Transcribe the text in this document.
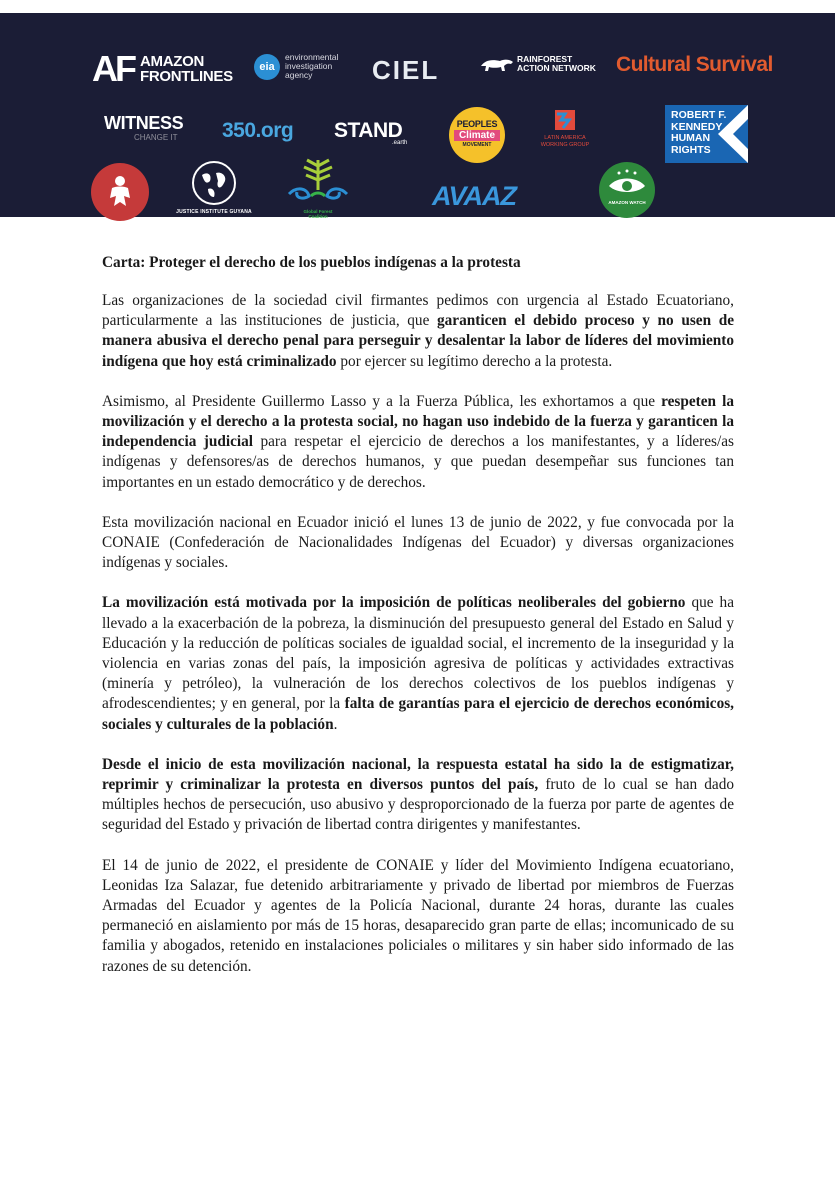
AF AMAZON
FRONTLINES
eia
environmental
investigation
agency	CIEL	RAINFOREST
ACTION NETWORK Cultural Survival
WITNESS
CHANGE IT 350.org STAND
.earth
PEOPLES
Climate
MOVEMENT
LATIN AMERICA
WORKING GROUP
ROBERT F.
KENNEDY
HUMAN
RIGHTS
JUSTICE INSTITUTE GUYANA	Global Forest
Coalition
AVAAZ	AMAZON WATCH

Carta: Proteger el derecho de los pueblos indígenas a la protesta

Las organizaciones de la sociedad civil firmantes pedimos con urgencia al Estado Ecuatoriano, particularmente a las instituciones de justicia, que garanticen el debido proceso y no usen de manera abusiva el derecho penal para perseguir y desalentar la labor de líderes del movimiento indígena que hoy está criminalizado por ejercer su legítimo derecho a la protesta.

Asimismo, al Presidente Guillermo Lasso y a la Fuerza Pública, les exhortamos a que respeten la movilización y el derecho a la protesta social, no hagan uso indebido de la fuerza y garanticen la independencia judicial para respetar el ejercicio de derechos a los manifestantes, y a líderes/as indígenas y defensores/as de derechos humanos, y que puedan desempeñar sus funciones tan importantes en un estado democrático y de derechos.

Esta movilización nacional en Ecuador inició el lunes 13 de junio de 2022, y fue convocada por la CONAIE (Confederación de Nacionalidades Indígenas del Ecuador) y diversas organizaciones indígenas y sociales.

La movilización está motivada por la imposición de políticas neoliberales del gobierno que ha llevado a la exacerbación de la pobreza, la disminución del presupuesto general del Estado en Salud y Educación y la reducción de políticas sociales de igualdad social, el incremento de la inseguridad y la violencia en varias zonas del país, la imposición agresiva de políticas y actividades extractivas (minería y petróleo), la vulneración de los derechos colectivos de los pueblos indígenas y afrodescendientes; y en general, por la falta de garantías para el ejercicio de derechos económicos, sociales y culturales de la población.

Desde el inicio de esta movilización nacional, la respuesta estatal ha sido la de estigmatizar, reprimir y criminalizar la protesta en diversos puntos del país, fruto de lo cual se han dado múltiples hechos de persecución, uso abusivo y desproporcionado de la fuerza por parte de agentes de seguridad del Estado y privación de libertad contra dirigentes y manifestantes.

El 14 de junio de 2022, el presidente de CONAIE y líder del Movimiento Indígena ecuatoriano, Leonidas Iza Salazar, fue detenido arbitrariamente y privado de libertad por miembros de Fuerzas Armadas del Ecuador y agentes de la Policía Nacional, durante 24 horas, durante las cuales permaneció en aislamiento por más de 15 horas, desaparecido gran parte de ellas; incomunicado de su familia y abogados, retenido en instalaciones policiales o militares y sin haber sido informado de las razones de su detención.
